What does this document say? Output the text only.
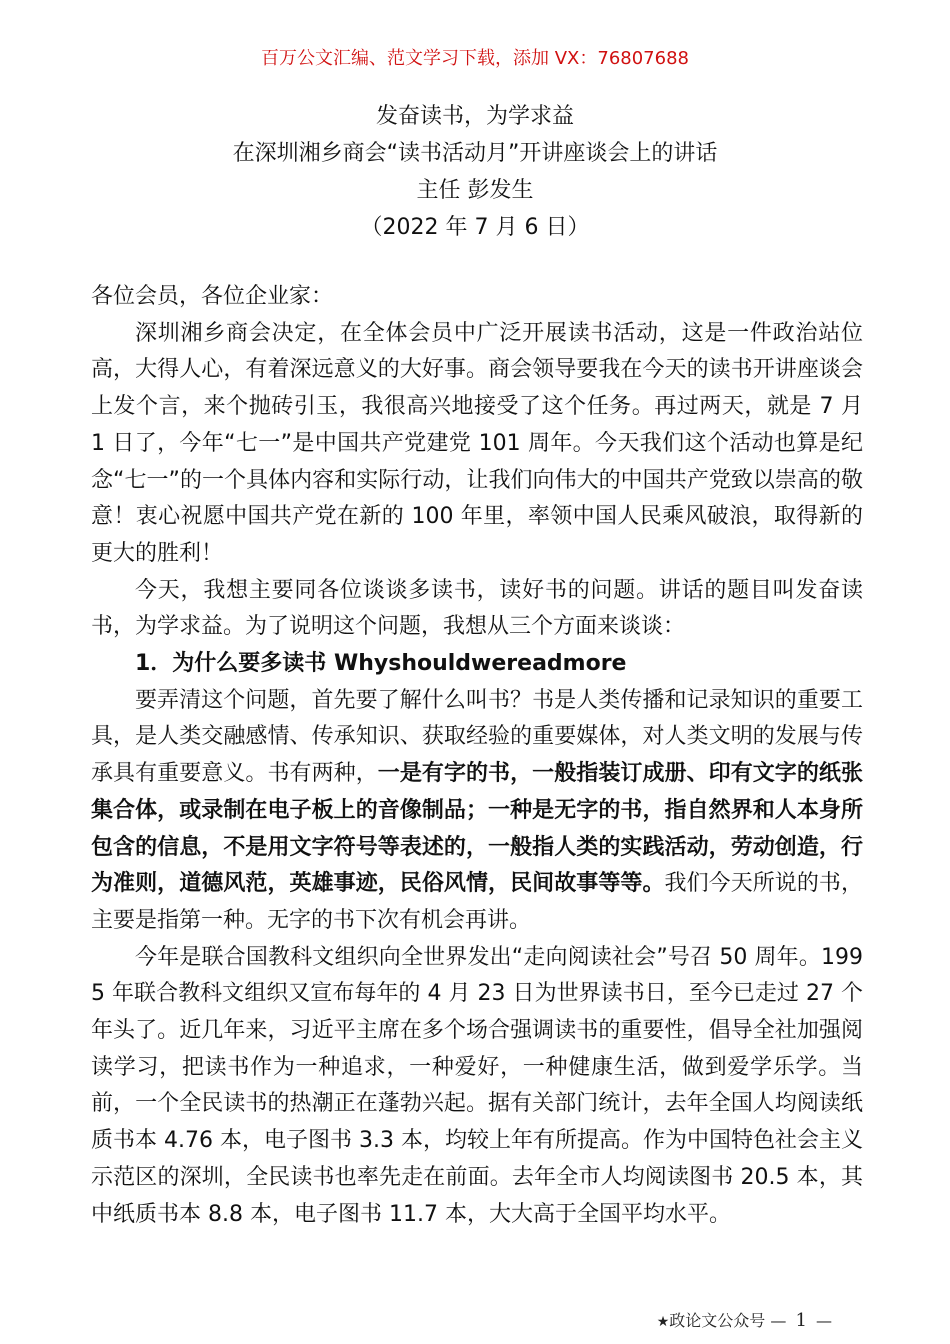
百万公文汇编、范文学习下载，添加 VX：76807688
发奋读书，为学求益
在深圳湘乡商会“读书活动月”开讲座谈会上的讲话
主任 彭发生
（2022 年 7 月 6 日）

各位会员，各位企业家：

深圳湘乡商会决定，在全体会员中广泛开展读书活动，这是一件政治站位高，大得人心，有着深远意义的大好事。商会领导要我在今天的读书开讲座谈会上发个言，来个抛砖引玉，我很高兴地接受了这个任务。再过两天，就是 7 月 1 日了，今年“七一”是中国共产党建党 101 周年。今天我们这个活动也算是纪念“七一”的一个具体内容和实际行动，让我们向伟大的中国共产党致以崇高的敬意！衷心祝愿中国共产党在新的 100 年里，率领中国人民乘风破浪，取得新的更大的胜利！

今天，我想主要同各位谈谈多读书，读好书的问题。讲话的题目叫发奋读书，为学求益。为了说明这个问题，我想从三个方面来谈谈：

1．为什么要多读书 Whyshouldwereadmore

要弄清这个问题，首先要了解什么叫书？书是人类传播和记录知识的重要工具，是人类交融感情、传承知识、获取经验的重要媒体，对人类文明的发展与传承具有重要意义。书有两种，一是有字的书，一般指装订成册、印有文字的纸张集合体，或录制在电子板上的音像制品；一种是无字的书，指自然界和人本身所包含的信息，不是用文字符号等表述的，一般指人类的实践活动，劳动创造，行为准则，道德风范，英雄事迹，民俗风情，民间故事等等。我们今天所说的书，主要是指第一种。无字的书下次有机会再讲。

今年是联合国教科文组织向全世界发出“走向阅读社会”号召 50 周年。1995 年联合教科文组织又宣布每年的 4 月 23 日为世界读书日，至今已走过 27 个年头了。近几年来，习近平主席在多个场合强调读书的重要性，倡导全社加强阅读学习，把读书作为一种追求，一种爱好，一种健康生活，做到爱学乐学。当前，一个全民读书的热潮正在蓬勃兴起。据有关部门统计，去年全国人均阅读纸质书本 4.76 本，电子图书 3.3 本，均较上年有所提高。作为中国特色社会主义示范区的深圳，全民读书也率先走在前面。去年全市人均阅读图书 20.5 本，其中纸质书本 8.8 本，电子图书 11.7 本，大大高于全国平均水平。

★政论文公众号 — 1 —
